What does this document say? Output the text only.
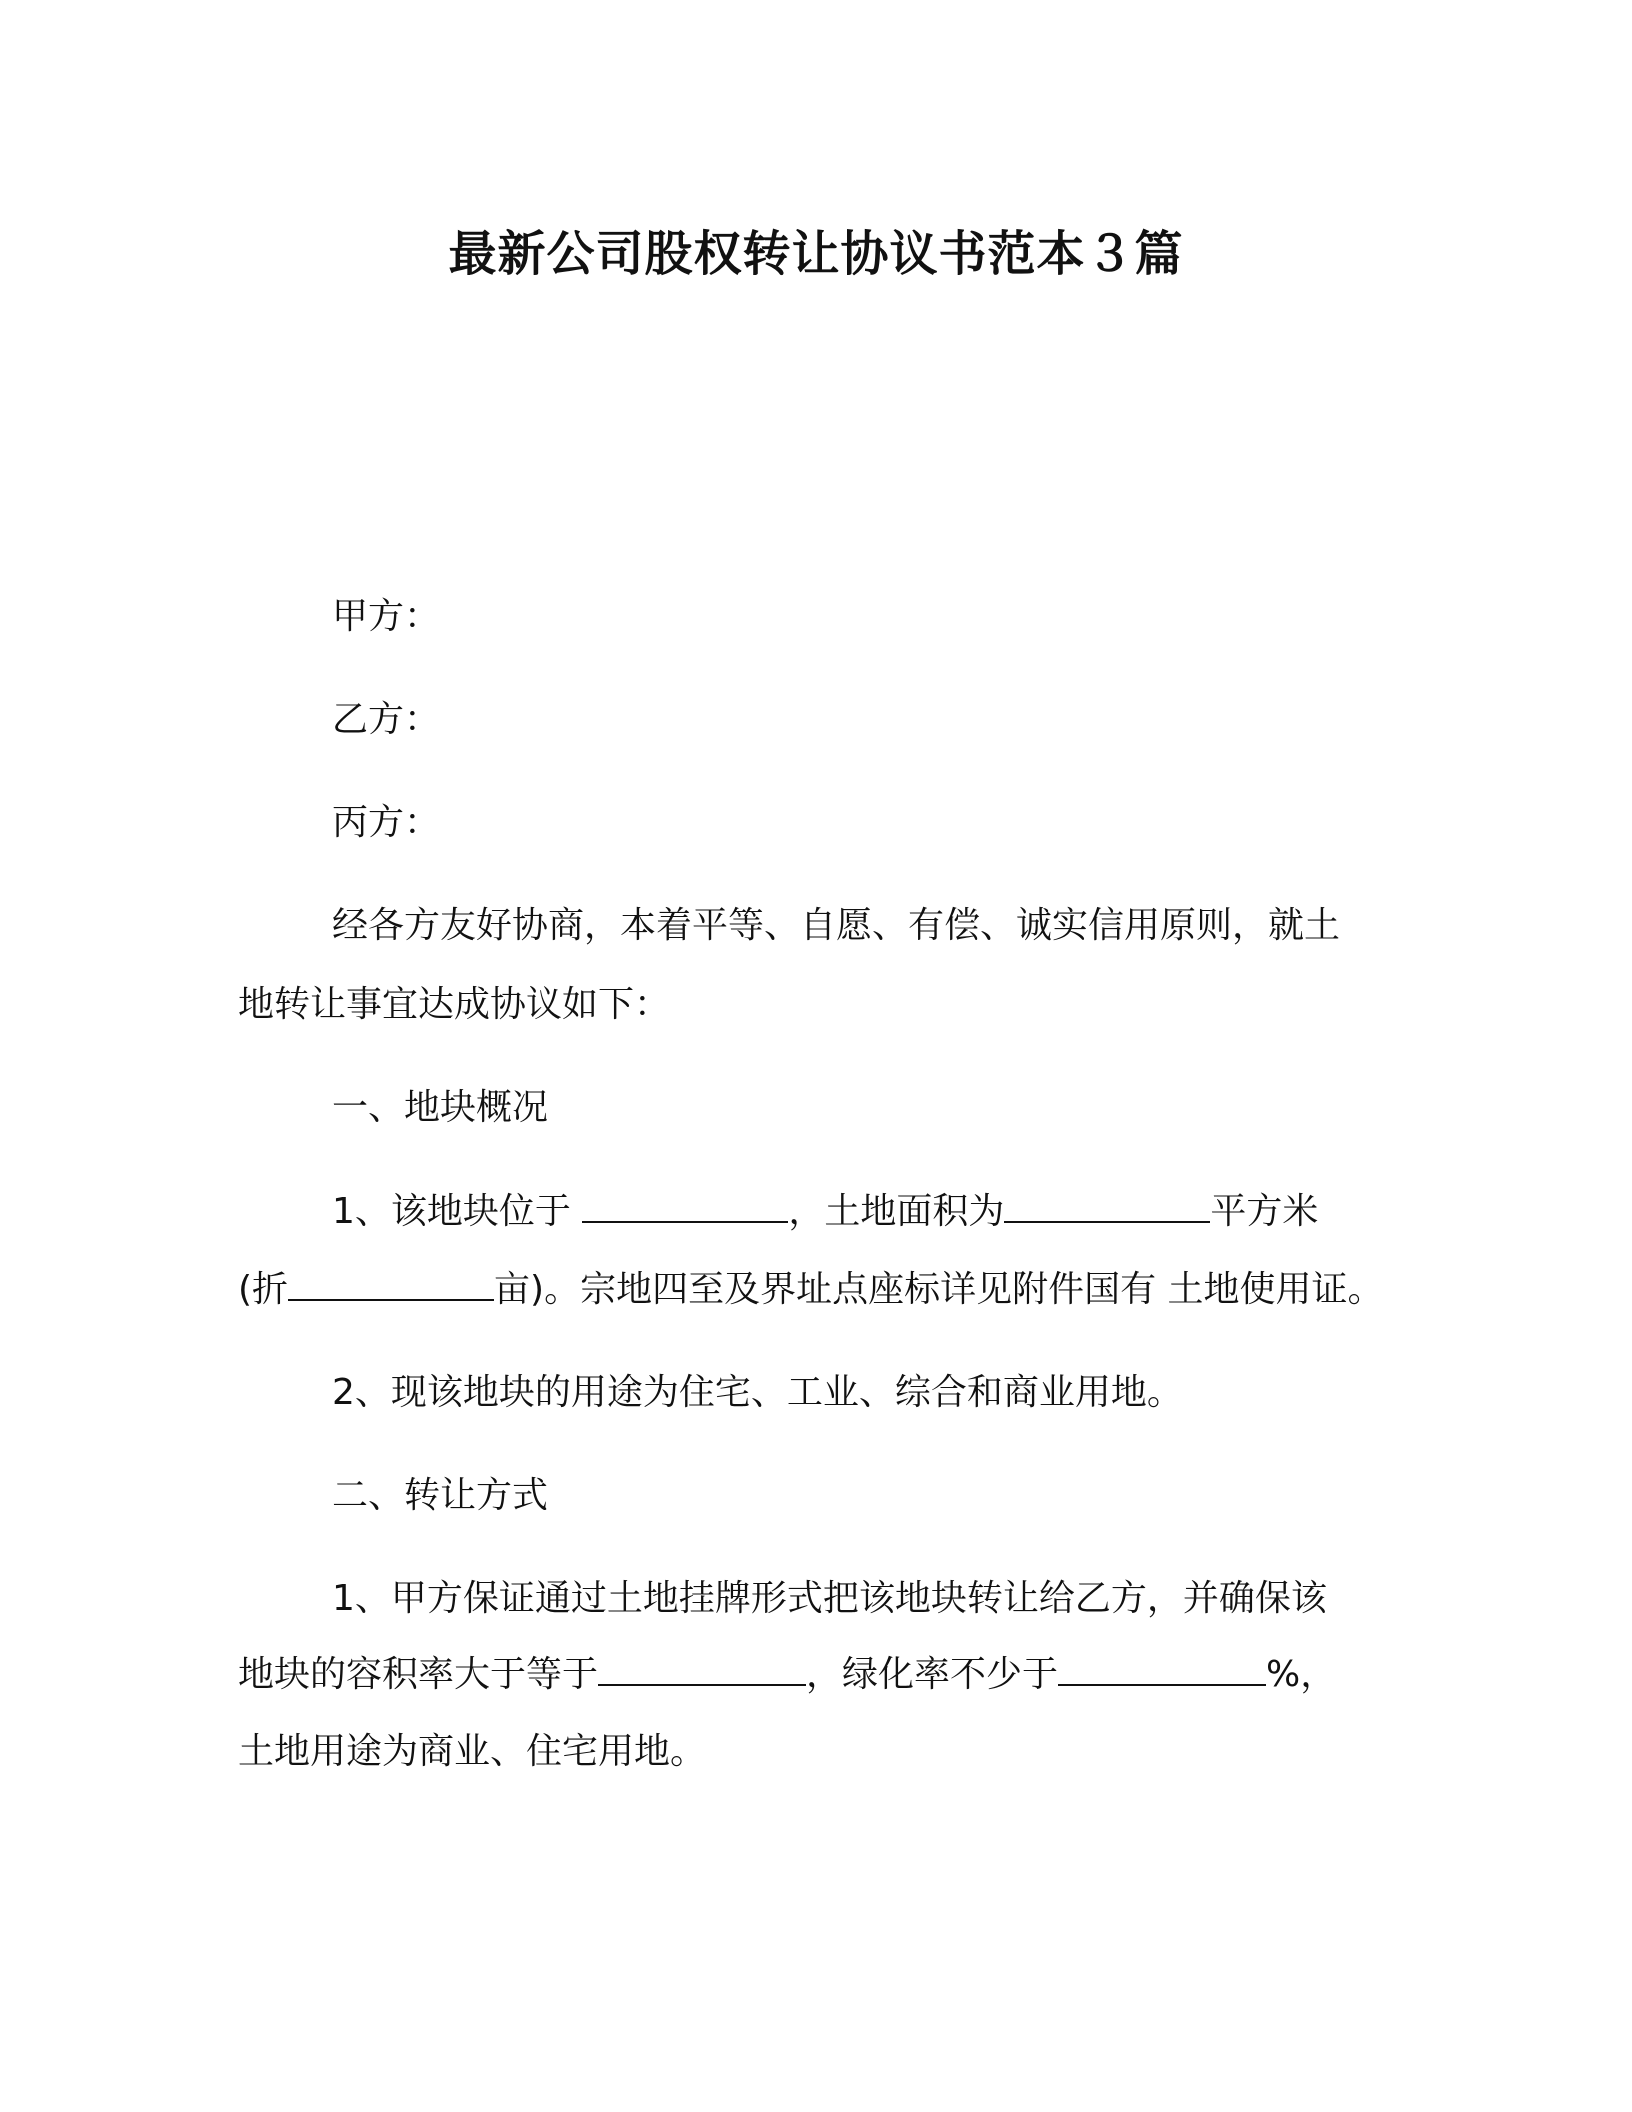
最新公司股权转让协议书范本３篇
甲方：
乙方：
丙方：
经各方友好协商，本着平等、自愿、有偿、诚实信用原则，就土
地转让事宜达成协议如下：
一、地块概况
1、该地块位于	，土地面积为	平方米
(折	亩)。宗地四至及界址点座标详见附件国有 土地使用证。
2、现该地块的用途为住宅、工业、综合和商业用地。
二、转让方式
1、甲方保证通过土地挂牌形式把该地块转让给乙方，并确保该
地块的容积率大于等于	，绿化率不少于	%，
土地用途为商业、住宅用地。
